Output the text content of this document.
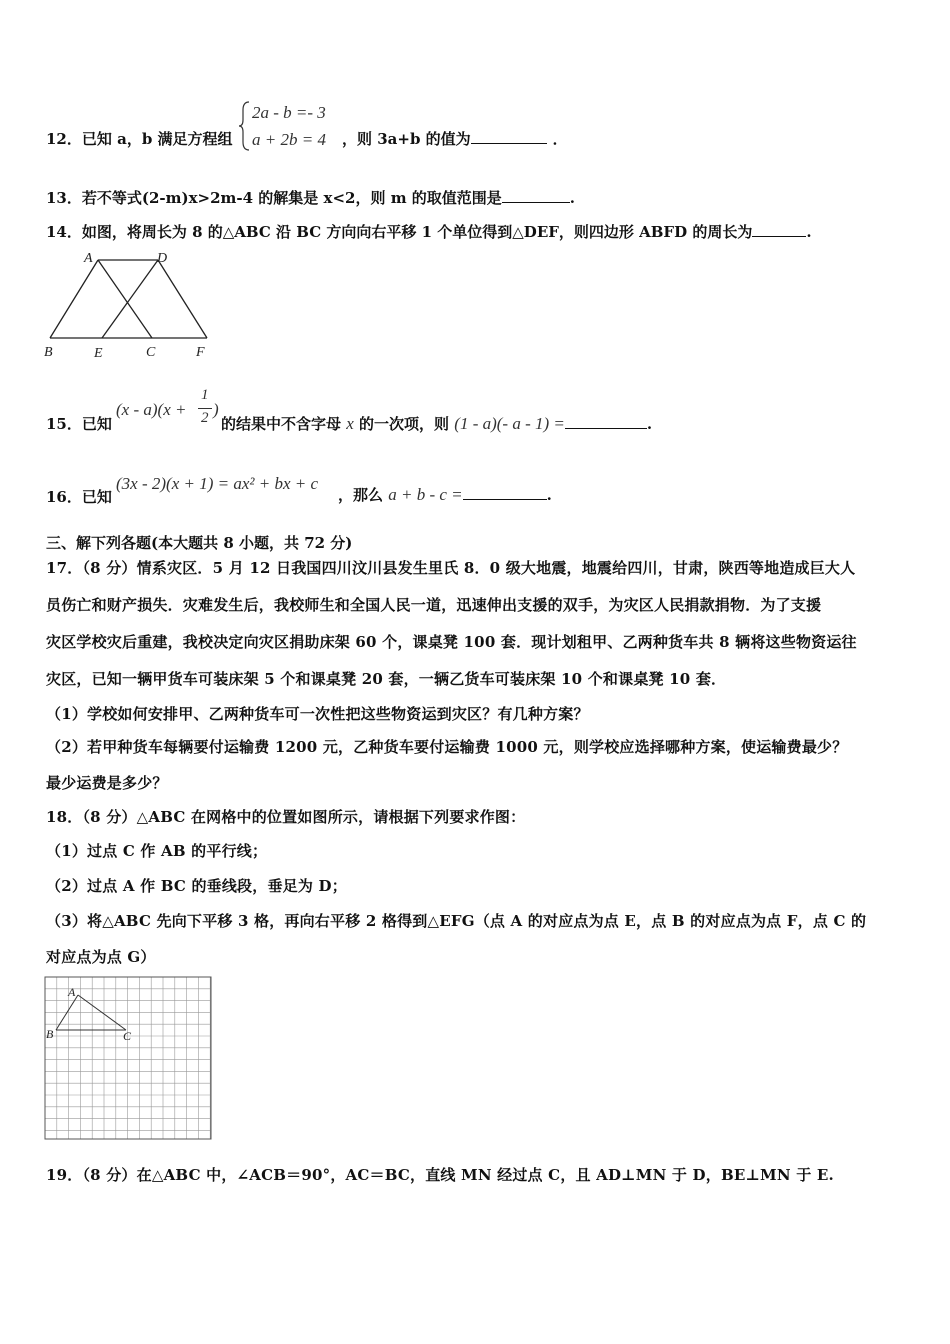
12．已知 a，b 满足方程组
2a - b =- 3
a + 2b = 4 ，则 3a+b 的值为	．
13．若不等式(2-m)x>2m-4 的解集是 x<2，则 m 的取值范围是	.
14．如图，将周长为 8 的△ABC 沿 BC 方向向右平移 1 个单位得到△DEF，则四边形 ABFD 的周长为	.
A	D
B	E	C	F
15．已知
(x - a)(x +
1
2 )
的结果中不含字母 x 的一次项，则 (1 - a)(- a - 1) =	.
16．已知
(3x - 2)(x + 1) = ax² + bx + c
，那么 a + b - c =	.
三、解下列各题(本大题共 8 小题，共 72 分)
17．（8 分）情系灾区．5 月 12 日我国四川汶川县发生里氏 8．0 级大地震，地震给四川，甘肃，陕西等地造成巨大人
员伤亡和财产损失．灾难发生后，我校师生和全国人民一道，迅速伸出支援的双手，为灾区人民捐款捐物．为了支援
灾区学校灾后重建，我校决定向灾区捐助床架 60 个，课桌凳 100 套．现计划租甲、乙两种货车共 8 辆将这些物资运往
灾区，已知一辆甲货车可装床架 5 个和课桌凳 20 套，一辆乙货车可装床架 10 个和课桌凳 10 套．
（1）学校如何安排甲、乙两种货车可一次性把这些物资运到灾区？有几种方案？
（2）若甲种货车每辆要付运输费 1200 元，乙种货车要付运输费 1000 元，则学校应选择哪种方案，使运输费最少？
最少运费是多少？
18．（8 分）△ABC 在网格中的位置如图所示，请根据下列要求作图：
（1）过点 C 作 AB 的平行线；
（2）过点 A 作 BC 的垂线段，垂足为 D；
（3）将△ABC 先向下平移 3 格，再向右平移 2 格得到△EFG（点 A 的对应点为点 E，点 B 的对应点为点 F，点 C 的
对应点为点 G）
A
B	C
19．（8 分）在△ABC 中，∠ACB＝90°，AC＝BC，直线 MN 经过点 C，且 AD⊥MN 于 D，BE⊥MN 于 E.
